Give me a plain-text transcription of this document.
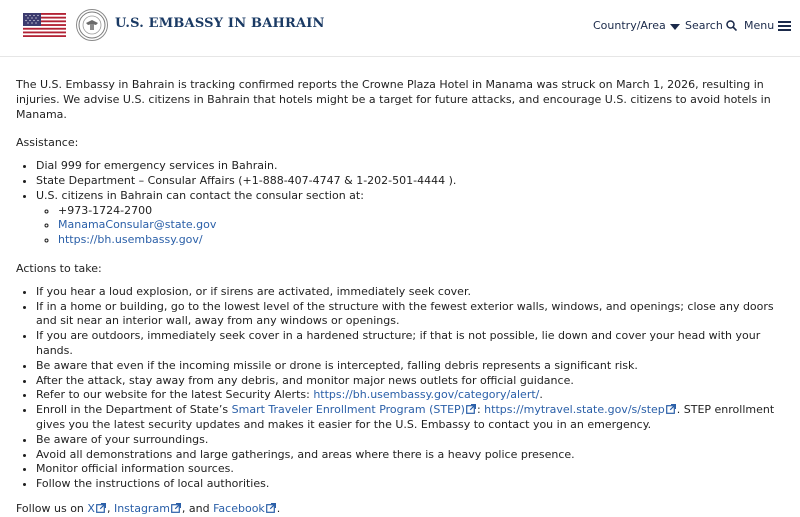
U.S. EMBASSY IN BAHRAIN	Country/Area	Search	Menu

The U.S. Embassy in Bahrain is tracking confirmed reports the Crowne Plaza Hotel in Manama was struck on March 1, 2026, resulting in injuries. We advise U.S. citizens in Bahrain that hotels might be a target for future attacks, and encourage U.S. citizens to avoid hotels in Manama.

Assistance:

• Dial 999 for emergency services in Bahrain.
• State Department – Consular Affairs (+1-888-407-4747 & 1-202-501-4444 ).
• U.S. citizens in Bahrain can contact the consular section at:
◦ +973-1724-2700
◦ ManamaConsular@state.gov
◦ https://bh.usembassy.gov/

Actions to take:

• If you hear a loud explosion, or if sirens are activated, immediately seek cover.
• If in a home or building, go to the lowest level of the structure with the fewest exterior walls, windows, and openings; close any doors and sit near an interior wall, away from any windows or openings.
• If you are outdoors, immediately seek cover in a hardened structure; if that is not possible, lie down and cover your head with your hands.
• Be aware that even if the incoming missile or drone is intercepted, falling debris represents a significant risk.
• After the attack, stay away from any debris, and monitor major news outlets for official guidance.
• Refer to our website for the latest Security Alerts: https://bh.usembassy.gov/category/alert/.
• Enroll in the Department of State’s Smart Traveler Enrollment Program (STEP) : https://mytravel.state.gov/s/step . STEP enrollment gives you the latest security updates and makes it easier for the U.S. Embassy to contact you in an emergency.
• Be aware of your surroundings.
• Avoid all demonstrations and large gatherings, and areas where there is a heavy police presence.
• Monitor official information sources.
• Follow the instructions of local authorities.

Follow us on X , Instagram , and Facebook .
